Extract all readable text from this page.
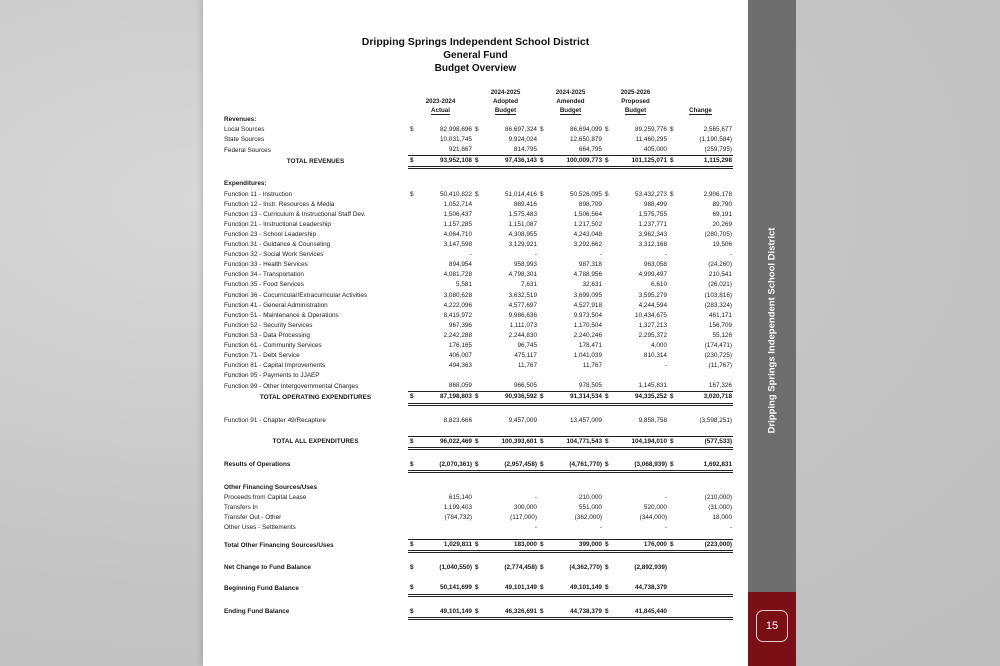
Dripping Springs Independent School District
General Fund
Budget Overview
		2024-2025	2024-2025	2025-2026	
	2023-2024	Adopted	Amended	Proposed	
	Actual	Budget	Budget	Budget	Change
Revenues:					
Local Sources	$ 82,998,696	$ 86,697,324	$ 86,694,099	$ 89,259,776	$ 2,565,677
State Sources	10,031,745	9,924,024	12,650,879	11,460,295	(1,190,584)
Federal Sources	921,667	814,795	664,795	405,000	(259,795)
TOTAL REVENUES	$ 93,952,108	$ 97,436,143	$ 100,009,773	$ 101,125,071	$ 1,115,298

Expenditures:					
Function 11 - Instruction	$ 50,410,822	$ 51,014,416	$ 50,526,095	$ 53,432,273	$ 2,906,178
Function 12 - Instr. Resources & Media	1,052,714	889,416	898,709	988,499	89,790
Function 13 - Curriculum & Instructional Staff Dev.	1,506,437	1,575,483	1,506,564	1,575,755	69,191
Function 21 - Instructional Leadership	1,157,285	1,151,087	1,217,502	1,237,771	20,269
Function 23 - School Leadership	4,064,710	4,308,955	4,243,048	3,962,343	(280,705)
Function 31 - Guidance & Counseling	3,147,598	3,129,921	3,292,662	3,312,168	19,506
Function 32 - Social Work Services	-	-	-	-	-
Function 33 - Health Services	894,954	958,993	987,318	963,058	(24,260)
Function 34 - Transportation	4,081,728	4,798,301	4,788,956	4,999,497	210,541
Function 35 - Food Services	5,581	7,631	32,631	6,610	(26,021)
Function 36 - Cocurricular/Extracurricular Activities	3,080,628	3,632,519	3,699,095	3,595,279	(103,816)
Function 41 - General Administration	4,222,096	4,577,697	4,527,918	4,244,594	(283,324)
Function 51 - Maintenance & Operations	8,419,972	9,986,636	9,973,504	10,434,675	461,171
Function 52 - Security Services	967,396	1,111,073	1,170,504	1,327,213	156,709
Function 53 - Data Processing	2,242,288	2,244,830	2,240,246	2,295,372	55,126
Function 61 - Community Services	176,165	96,745	178,471	4,000	(174,471)
Function 71 - Debt Service	406,007	475,117	1,041,039	810,314	(230,725)
Function 81 - Capital Improvements	494,363	11,767	11,767	-	(11,767)
Function 95 - Payments to JJAEP					
Function 99 - Other Intergovernmental Charges	868,059	966,505	978,505	1,145,831	167,326
TOTAL OPERATING EXPENDITURES	$ 87,198,803	$ 90,936,592	$ 91,314,534	$ 94,335,252	$ 3,020,718

Function 91 - Chapter 49/Recapture	8,823,666	9,457,009	13,457,009	9,858,758	(3,598,251)

TOTAL ALL EXPENDITURES	$ 96,022,469	$ 100,393,601	$ 104,771,543	$ 104,194,010	$ (577,533)

Results of Operations	$ (2,070,361)	$ (2,957,458)	$ (4,761,770)	$ (3,068,939)	$ 1,692,831

Other Financing Sources/Uses					
Proceeds from Capital Lease	615,140	-	210,000	-	(210,000)
Transfers In	1,199,403	300,000	551,000	520,000	(31,000)
Transfer Out - Other	(784,732)	(117,000)	(362,000)	(344,000)	18,000
Other Uses - Settlements		-	-	-	-

Total Other Financing Sources/Uses	$ 1,029,811	$ 183,000	$ 399,000	$ 176,000	$ (223,000)

Net Change to Fund Balance	$ (1,040,550)	$ (2,774,458)	$ (4,362,770)	$ (2,892,939)	

Beginning Fund Balance	$ 50,141,699	$ 49,101,149	$ 49,101,149	$ 44,738,379	

Ending Fund Balance	$ 49,101,149	$ 46,326,691	$ 44,738,379	$ 41,845,440	
Dripping Springs Independent School District
15
